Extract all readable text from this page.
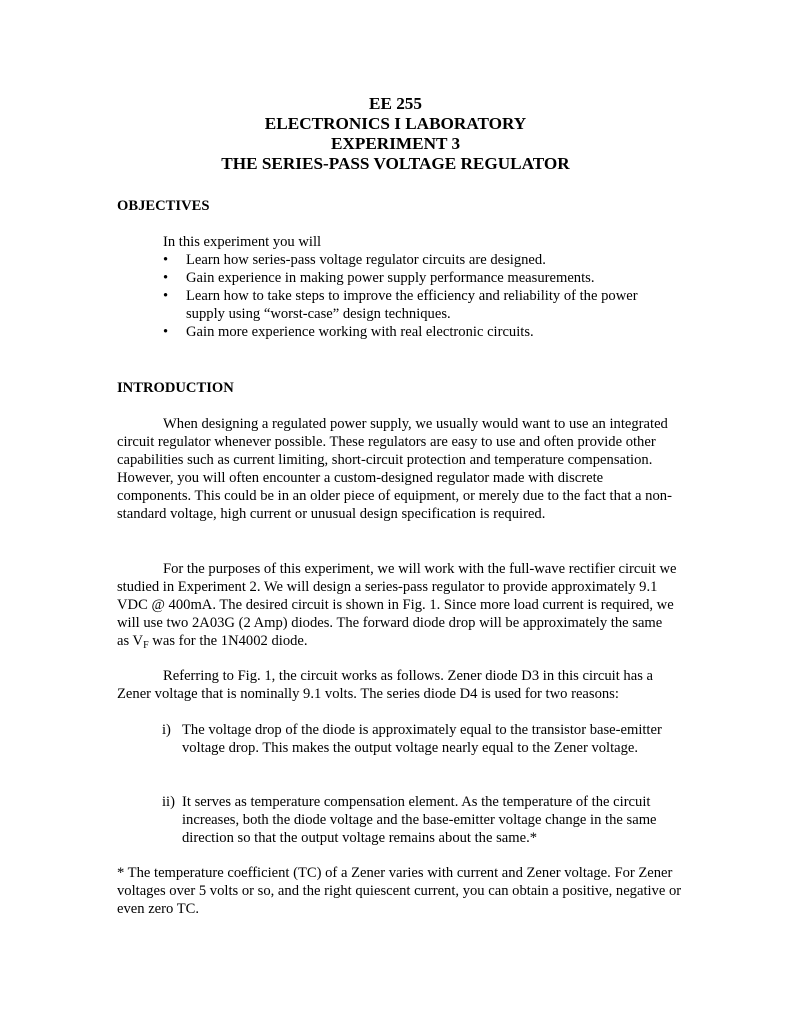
EE 255
ELECTRONICS I LABORATORY
EXPERIMENT 3
THE SERIES-PASS VOLTAGE REGULATOR
OBJECTIVES
In this experiment you will
• Learn how series-pass voltage regulator circuits are designed.
• Gain experience in making power supply performance measurements.
• Learn how to take steps to improve the efficiency and reliability of the power supply using “worst-case” design techniques.
• Gain more experience working with real electronic circuits.
INTRODUCTION
When designing a regulated power supply, we usually would want to use an integrated circuit regulator whenever possible. These regulators are easy to use and often provide other capabilities such as current limiting, short-circuit protection and temperature compensation. However, you will often encounter a custom-designed regulator made with discrete components. This could be in an older piece of equipment, or merely due to the fact that a non-standard voltage, high current or unusual design specification is required.
For the purposes of this experiment, we will work with the full-wave rectifier circuit we studied in Experiment 2. We will design a series-pass regulator to provide approximately 9.1 VDC @ 400mA. The desired circuit is shown in Fig. 1. Since more load current is required, we will use two 2A03G (2 Amp) diodes. The forward diode drop will be approximately the same as $V_F$ was for the 1N4002 diode.
Referring to Fig. 1, the circuit works as follows. Zener diode D3 in this circuit has a Zener voltage that is nominally 9.1 volts. The series diode D4 is used for two reasons:
i) The voltage drop of the diode is approximately equal to the transistor base-emitter voltage drop. This makes the output voltage nearly equal to the Zener voltage.
ii) It serves as temperature compensation element. As the temperature of the circuit increases, both the diode voltage and the base-emitter voltage change in the same direction so that the output voltage remains about the same.*
* The temperature coefficient (TC) of a Zener varies with current and Zener voltage. For Zener voltages over 5 volts or so, and the right quiescent current, you can obtain a positive, negative or even zero TC.
